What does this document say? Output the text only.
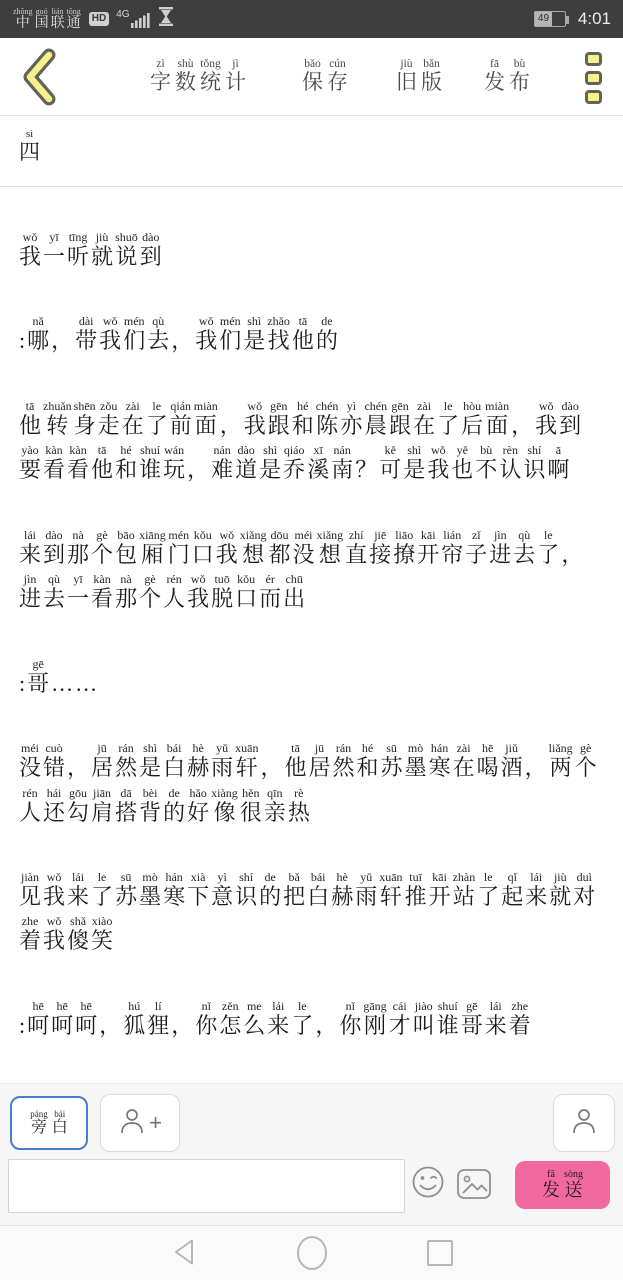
中zhōng国guó联lián通tōng
HD	4G	49 4:01
字zì
数shù
统tǒng
计jì
保bǎo
存cún
旧jiù
版bǎn
发fā
布bù
四sì

我wǒ一yī听tīng就jiù说shuō到dào

:哪nǎ，带dài我wǒ们mén去qù，我wǒ们mén是shì找zhǎo他tā的de

他tā转zhuǎn身shēn走zǒu在zài了le前qián面miàn，我wǒ跟gēn和hé陈chén亦yì晨chén跟gēn在zài了le后hòu面miàn，我wǒ到dào要yào看kàn看kàn他tā和hé谁shuí玩wán，难nán道dào是shì乔qiáo溪xī南nán？可kě是shì我wǒ也yě不bù认rèn识shí啊ā

来lái到dào那nà个gè包bāo厢xiāng门mén口kǒu我wǒ想xiǎng都dōu没méi想xiǎng直zhí接jiē撩liāo开kāi帘lián子zǐ进jìn去qù了le，进jìn去qù一yī看kàn那nà个gè人rén我wǒ脱tuō口kǒu而ér出chū

:哥gē……

没méi错cuò，居jū然rán是shì白bái赫hè雨yǔ轩xuān，他tā居jū然rán和hé苏sū墨mò寒hán在zài喝hē酒jiǔ，两liǎng个gè人rén还hái勾gōu肩jiān搭dā背bèi的de好hǎo像xiàng很hěn亲qīn热rè

见jiàn我wǒ来lái了le苏sū墨mò寒hán下xià意yì识shí的de把bǎ白bái赫hè雨yǔ轩xuān推tuī开kāi站zhàn了le起qǐ来lái就jiù对duì着zhe我wǒ傻shǎ笑xiào

:呵hē呵hē呵hē，狐hú狸lí，你nǐ怎zěn么me来lái了le，你nǐ刚gāng才cái叫jiào谁shuí哥gē来lái着zhe

旁páng
白bái	+
发fā
送sòng
